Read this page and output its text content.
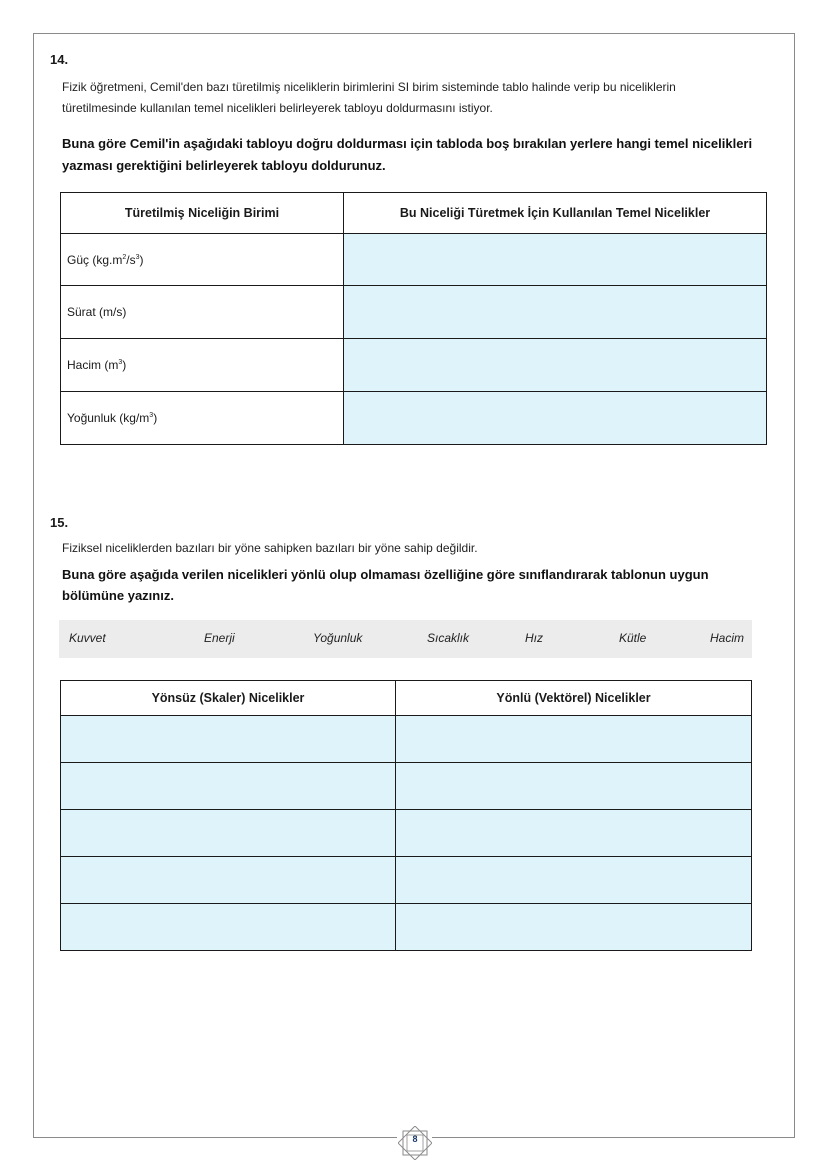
14.
Fizik öğretmeni, Cemil'den bazı türetilmiş niceliklerin birimlerini SI birim sisteminde tablo halinde verip bu niceliklerin
türetilmesinde kullanılan temel nicelikleri belirleyerek tabloyu doldurmasını istiyor.
Buna göre Cemil'in aşağıdaki tabloyu doğru doldurması için tabloda boş bırakılan yerlere hangi temel nicelikleri
yazması gerektiğini belirleyerek tabloyu doldurunuz.
Türetilmiş Niceliğin Birimi	Bu Niceliği Türetmek İçin Kullanılan Temel Nicelikler
Güç $(kg.m^2/s^3)$	
Sürat (m/s)	
Hacim $(m^3)$	
Yoğunluk $(kg/m^3)$	
15.
Fiziksel niceliklerden bazıları bir yöne sahipken bazıları bir yöne sahip değildir.
Buna göre aşağıda verilen nicelikleri yönlü olup olmaması özelliğine göre sınıflandırarak tablonun uygun
bölümüne yazınız.
Kuvvet	Enerji	Yoğunluk	Sıcaklık	Hız	Kütle	Hacim
Yönsüz (Skaler) Nicelikler	Yönlü (Vektörel) Nicelikler

8
